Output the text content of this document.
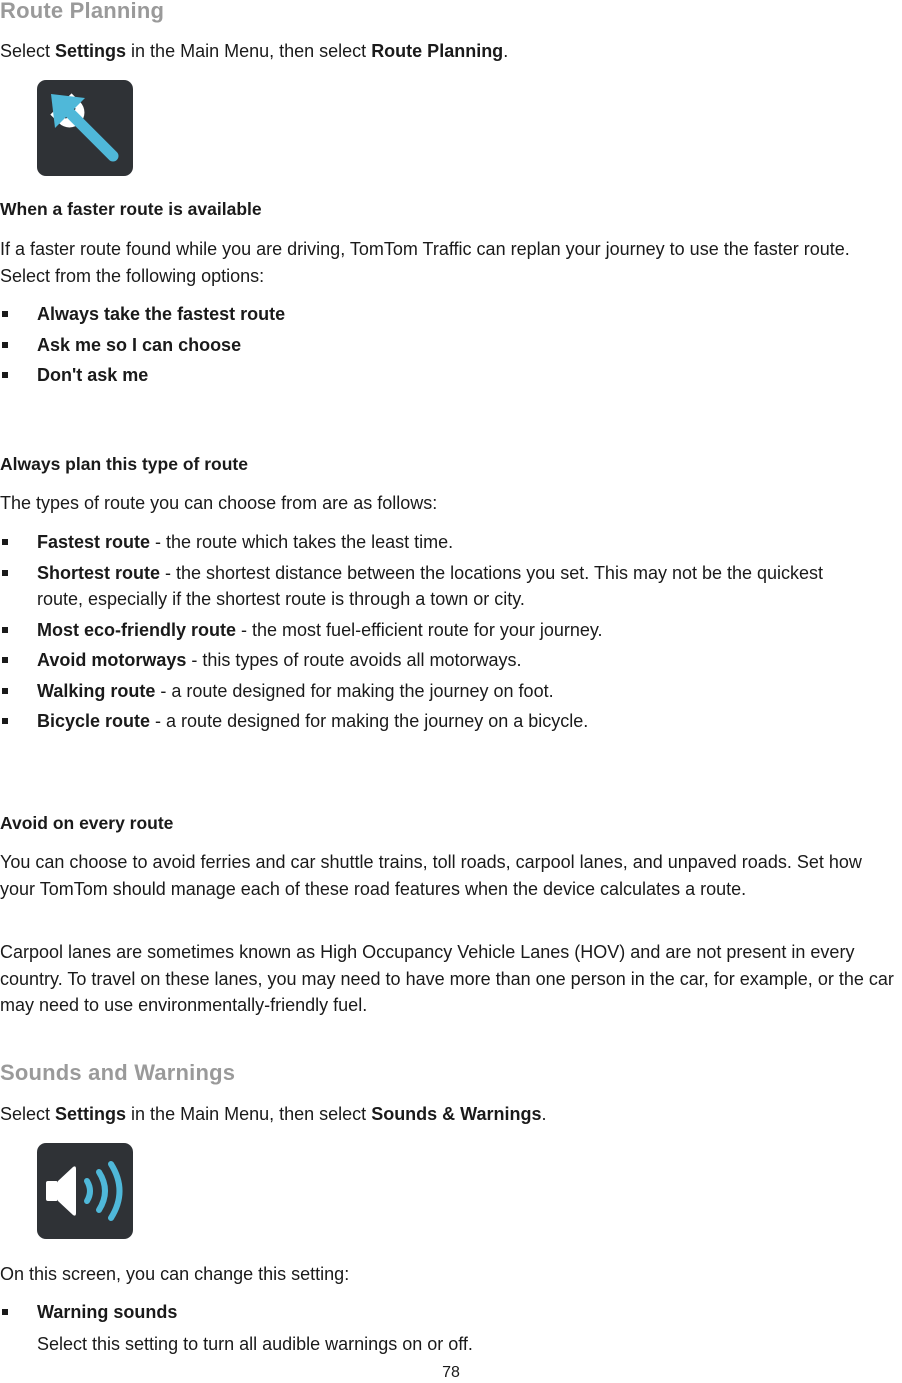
Route Planning

Select Settings in the Main Menu, then select Route Planning.

When a faster route is available

If a faster route found while you are driving, TomTom Traffic can replan your journey to use the faster route. Select from the following options:

Always take the fastest route
Ask me so I can choose
Don't ask me
Always plan this type of route

The types of route you can choose from are as follows:

Fastest route - the route which takes the least time.
Shortest route - the shortest distance between the locations you set. This may not be the quickest route, especially if the shortest route is through a town or city.
Most eco-friendly route - the most fuel-efficient route for your journey.
Avoid motorways - this types of route avoids all motorways.
Walking route - a route designed for making the journey on foot.
Bicycle route - a route designed for making the journey on a bicycle.
Avoid on every route

You can choose to avoid ferries and car shuttle trains, toll roads, carpool lanes, and unpaved roads. Set how your TomTom should manage each of these road features when the device calculates a route.

Carpool lanes are sometimes known as High Occupancy Vehicle Lanes (HOV) and are not present in every country. To travel on these lanes, you may need to have more than one person in the car, for example, or the car may need to use environmentally-friendly fuel.

Sounds and Warnings

Select Settings in the Main Menu, then select Sounds & Warnings.

On this screen, you can change this setting:

Warning sounds

Select this setting to turn all audible warnings on or off.

78
